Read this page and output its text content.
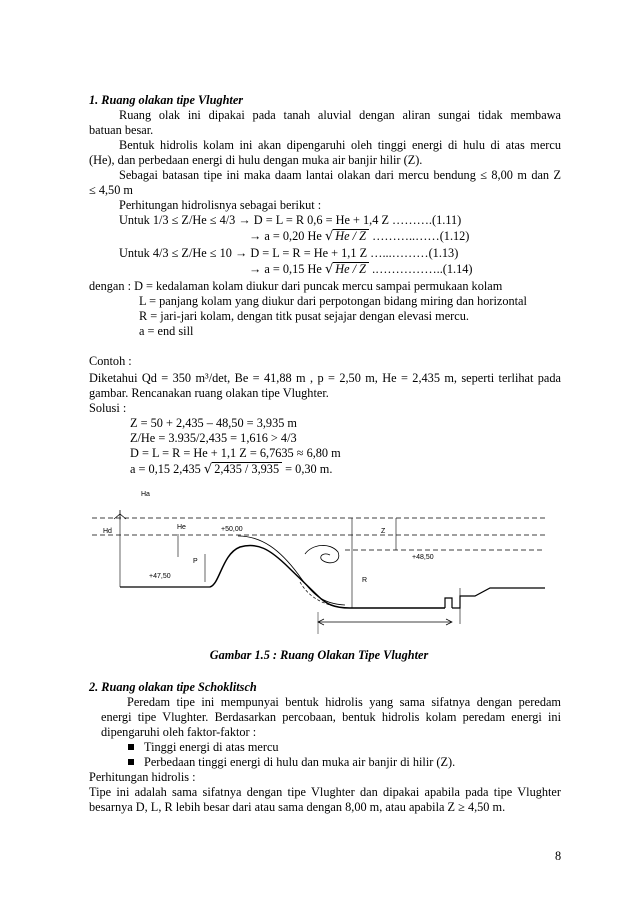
1. Ruang olakan tipe Vlughter
Ruang olak ini dipakai pada tanah aluvial dengan aliran sungai tidak membawa
batuan besar.
Bentuk hidrolis kolam ini akan dipengaruhi oleh tinggi energi di hulu di atas mercu
(He), dan perbedaan energi di hulu dengan muka air banjir hilir (Z).
Sebagai batasan tipe ini maka daam lantai olakan dari mercu bendung ≤ 8,00 m dan Z
≤ 4,50 m
Perhitungan hidrolisnya sebagai berikut :
Untuk 1/3 ≤ Z/He ≤ 4/3 → D = L = R 0,6 = He + 1,4 Z ……….(1.11)
→ a = 0,20 He √ He / Z ………..……(1.12)
Untuk 4/3 ≤ Z/He ≤ 10 → D = L = R = He + 1,1 Z …...………(1.13)
→ a = 0,15 He √ He / Z .……………..(1.14)
dengan : D = kedalaman kolam diukur dari puncak mercu sampai permukaan kolam
L = panjang kolam yang diukur dari perpotongan bidang miring dan horizontal
R = jari-jari kolam, dengan titk pusat sejajar dengan elevasi mercu.
a = end sill
Contoh :
Diketahui Qd = 350 m³/det, Be = 41,88 m , p = 2,50 m, He = 2,435 m, seperti terlihat pada
gambar. Rencanakan ruang olakan tipe Vlughter.
Solusi :
Z = 50 + 2,435 – 48,50 = 3,935 m
Z/He = 3.935/2,435 = 1,616 > 4/3
D = L = R = He + 1,1 Z = 6,7635 ≈ 6,80 m
a = 0,15 2,435 √ 2,435 / 3,935 = 0,30 m.
Ha
Hd
He	+50,00	Z
P
+48,50
+47,50
R
Gambar 1.5 : Ruang Olakan Tipe Vlughter
2. Ruang olakan tipe Schoklitsch
Peredam tipe ini mempunyai bentuk hidrolis yang sama sifatnya dengan peredam
energi tipe Vlughter. Berdasarkan percobaan, bentuk hidrolis kolam peredam energi ini
dipengaruhi oleh faktor-faktor :
Tinggi energi di atas mercu
Perbedaan tinggi energi di hulu dan muka air banjir di hilir (Z).
Perhitungan hidrolis :
Tipe ini adalah sama sifatnya dengan tipe Vlughter dan dipakai apabila pada tipe Vlughter
besarnya D, L, R lebih besar dari atau sama dengan 8,00 m, atau apabila Z ≥ 4,50 m.
8
